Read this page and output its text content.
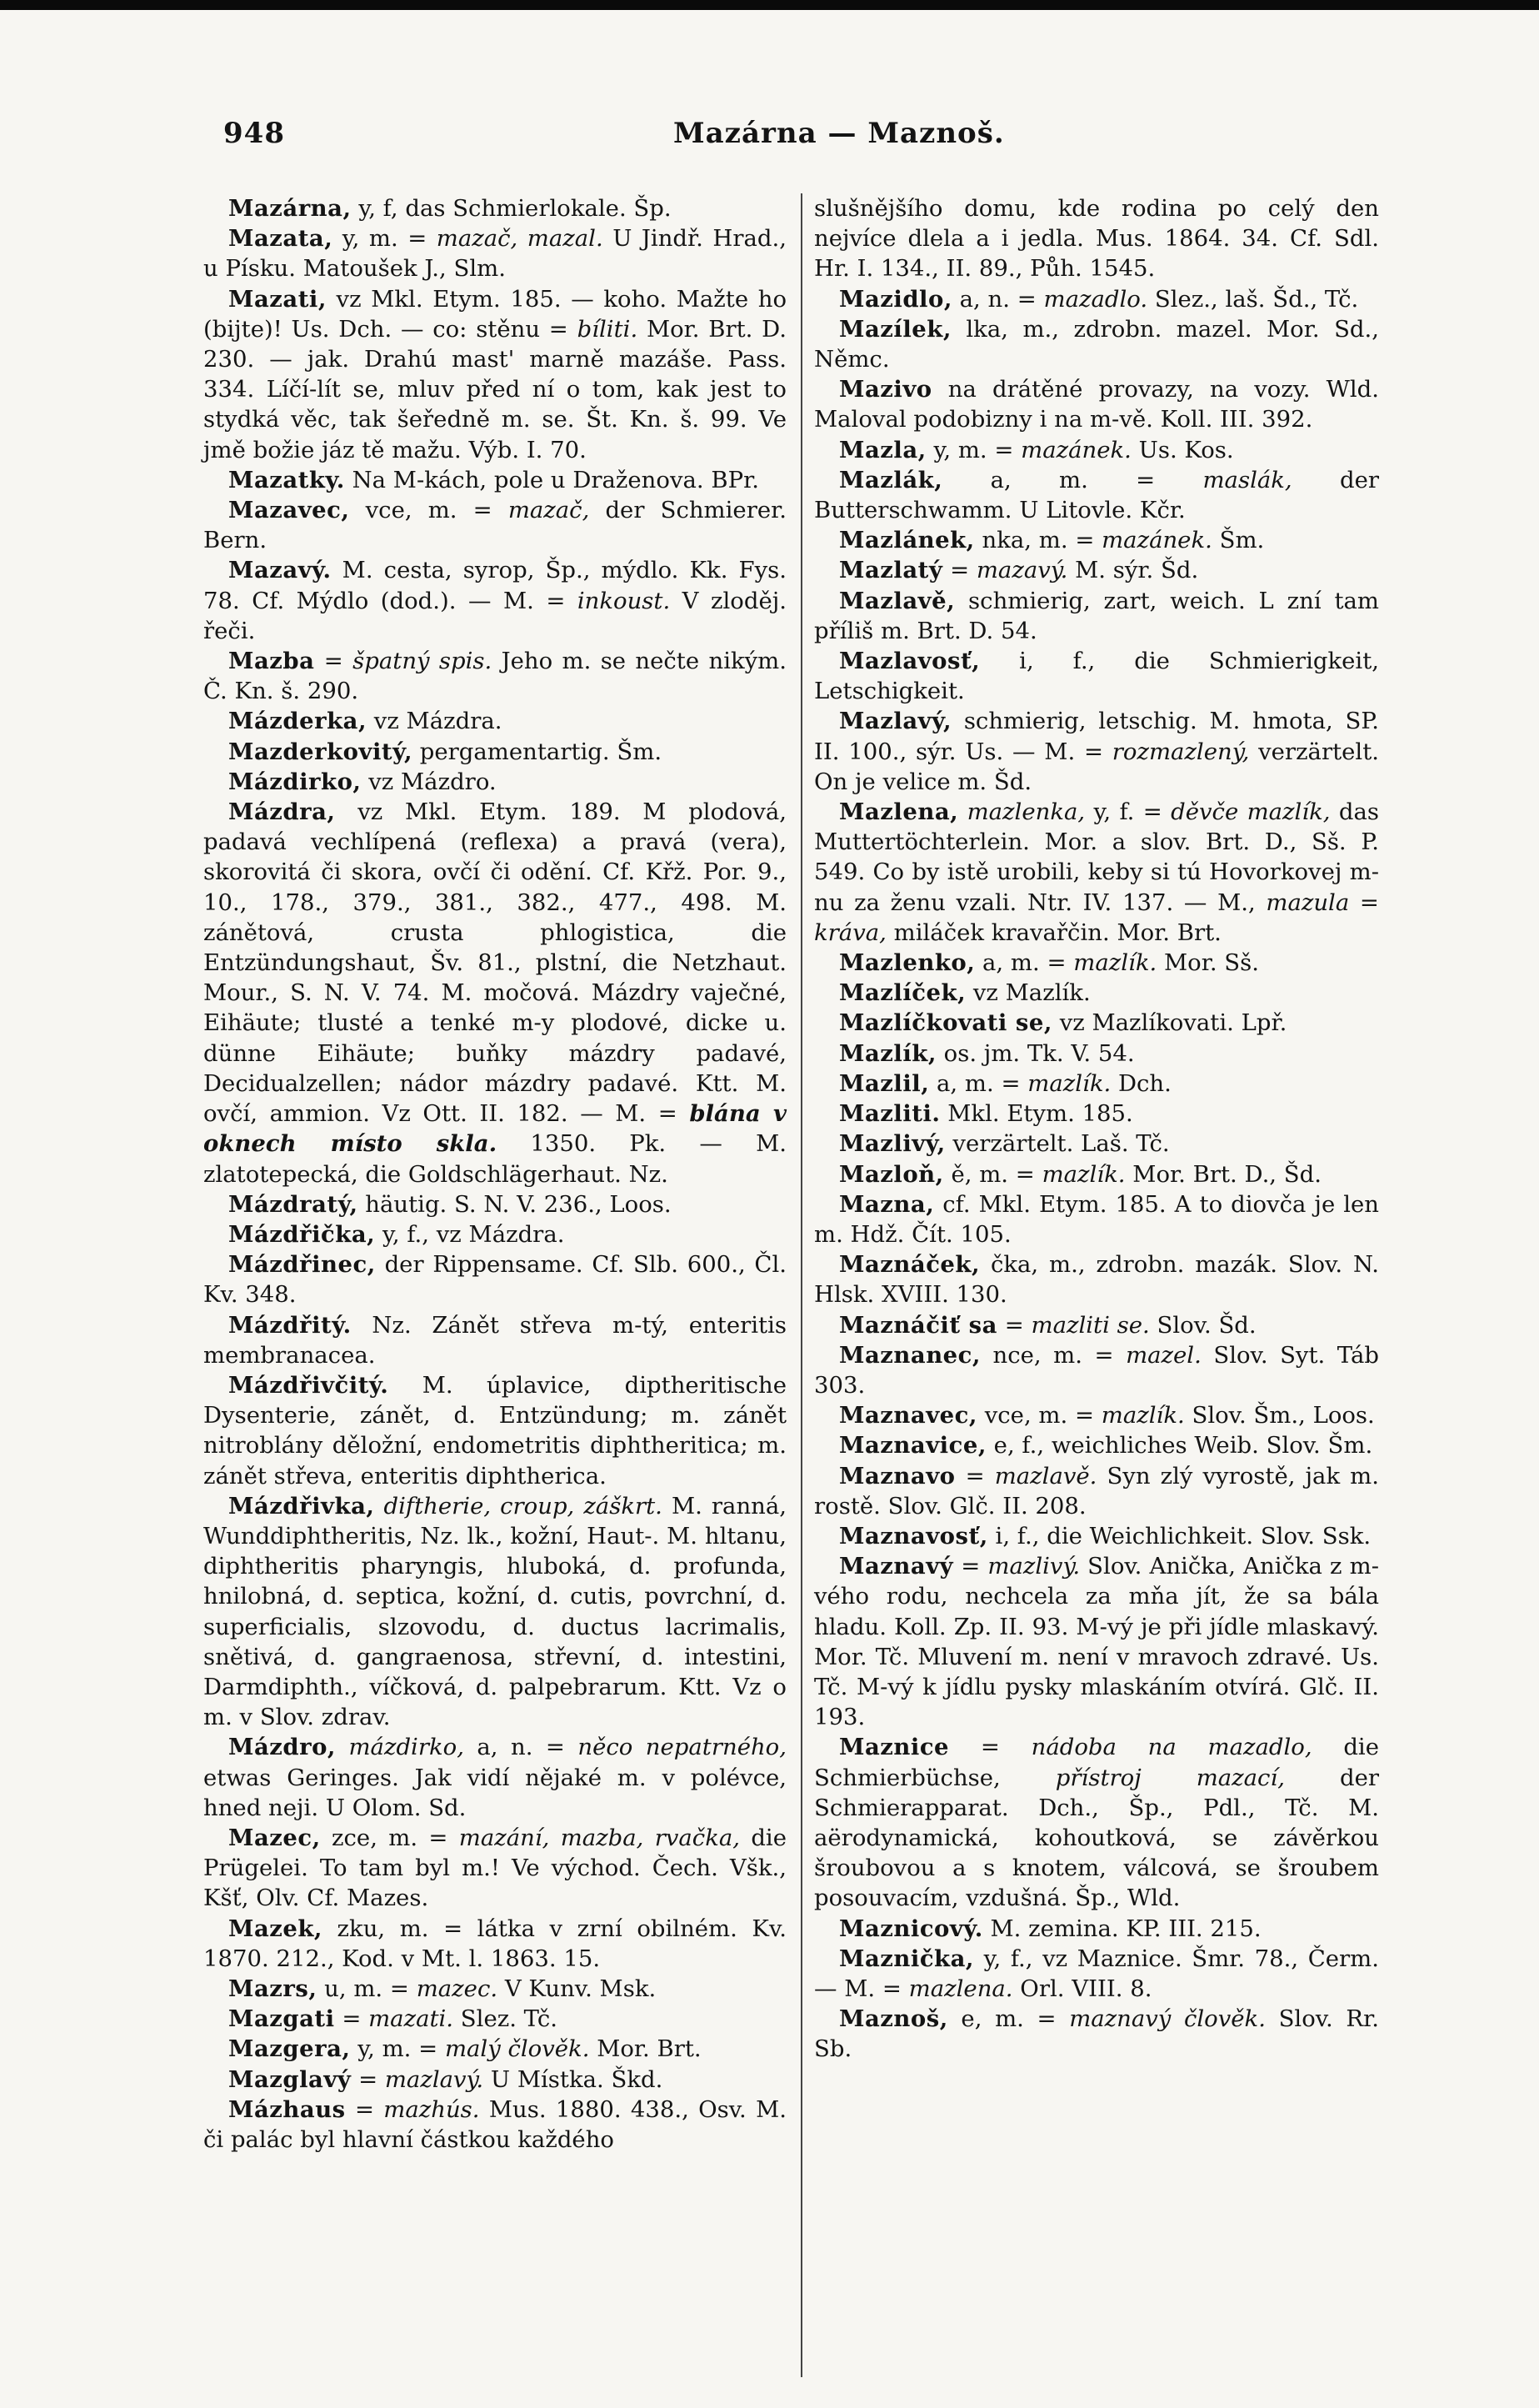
948	Mazárna — Maznoš.

Mazárna, y, f, das Schmierlokale. Šp.

Mazata, y, m. = mazač, mazal. U Jindř. Hrad., u Písku. Matoušek J., Slm.

Mazati, vz Mkl. Etym. 185. — koho. Mažte ho (bijte)! Us. Dch. — co: stěnu = bíliti. Mor. Brt. D. 230. — jak. Drahú mast' marně mazáše. Pass. 334. Líčí-lít se, mluv před ní o tom, kak jest to stydká věc, tak šeředně m. se. Št. Kn. š. 99. Ve jmě božie jáz tě mažu. Výb. I. 70.

Mazatky. Na M-kách, pole u Draženova. BPr.

Mazavec, vce, m. = mazač, der Schmierer. Bern.

Mazavý. M. cesta, syrop, Šp., mýdlo. Kk. Fys. 78. Cf. Mýdlo (dod.). — M. = inkoust. V zloděj. řeči.

Mazba = špatný spis. Jeho m. se nečte nikým. Č. Kn. š. 290.

Mázderka, vz Mázdra.

Mazderkovitý, pergamentartig. Šm.

Mázdirko, vz Mázdro.

Mázdra, vz Mkl. Etym. 189. M plodová, padavá vechlípená (reflexa) a pravá (vera), skorovitá či skora, ovčí či odění. Cf. Křž. Por. 9., 10., 178., 379., 381., 382., 477., 498. M. zánětová, crusta phlogistica, die Entzündungshaut, Šv. 81., plstní, die Netzhaut. Mour., S. N. V. 74. M. močová. Mázdry vaječné, Eihäute; tlusté a tenké m-y plodové, dicke u. dünne Eihäute; buňky mázdry padavé, Decidualzellen; nádor mázdry padavé. Ktt. M. ovčí, ammion. Vz Ott. II. 182. — M. = blána v oknech místo skla. 1350. Pk. — M. zlatotepecká, die Goldschlägerhaut. Nz.

Mázdratý, häutig. S. N. V. 236., Loos.

Mázdřička, y, f., vz Mázdra.

Mázdřinec, der Rippensame. Cf. Slb. 600., Čl. Kv. 348.

Mázdřitý. Nz. Zánět střeva m-tý, enteritis membranacea.

Mázdřivčitý. M. úplavice, diptheritische Dysenterie, zánět, d. Entzündung; m. zánět nitroblány děložní, endometritis diphtheritica; m. zánět střeva, enteritis diphtherica.

Mázdřivka, diftherie, croup, záškrt. M. ranná, Wunddiphtheritis, Nz. lk., kožní, Haut-. M. hltanu, diphtheritis pharyngis, hluboká, d. profunda, hnilobná, d. septica, kožní, d. cutis, povrchní, d. superficialis, slzovodu, d. ductus lacrimalis, snětivá, d. gangraenosa, střevní, d. intestini, Darmdiphth., víčková, d. palpebrarum. Ktt. Vz o m. v Slov. zdrav.

Mázdro, mázdirko, a, n. = něco nepatrného, etwas Geringes. Jak vidí nějaké m. v polévce, hned neji. U Olom. Sd.

Mazec, zce, m. = mazání, mazba, rvačka, die Prügelei. To tam byl m.! Ve východ. Čech. Všk., Kšť, Olv. Cf. Mazes.

Mazek, zku, m. = látka v zrní obilném. Kv. 1870. 212., Kod. v Mt. l. 1863. 15.

Mazrs, u, m. = mazec. V Kunv. Msk.

Mazgati = mazati. Slez. Tč.

Mazgera, y, m. = malý člověk. Mor. Brt.

Mazglavý = mazlavý. U Místka. Škd.

Mázhaus = mazhús. Mus. 1880. 438., Osv. M. či palác byl hlavní částkou každého

slušnějšího domu, kde rodina po celý den nejvíce dlela a i jedla. Mus. 1864. 34. Cf. Sdl. Hr. I. 134., II. 89., Půh. 1545.

Mazidlo, a, n. = mazadlo. Slez., laš. Šd., Tč.

Mazílek, lka, m., zdrobn. mazel. Mor. Sd., Němc.

Mazivo na drátěné provazy, na vozy. Wld. Maloval podobizny i na m-vě. Koll. III. 392.

Mazla, y, m. = mazánek. Us. Kos.

Mazlák, a, m. = maslák, der Butterschwamm. U Litovle. Kčr.

Mazlánek, nka, m. = mazánek. Šm.

Mazlatý = mazavý. M. sýr. Šd.

Mazlavě, schmierig, zart, weich. L zní tam příliš m. Brt. D. 54.

Mazlavosť, i, f., die Schmierigkeit, Letschigkeit.

Mazlavý, schmierig, letschig. M. hmota, SP. II. 100., sýr. Us. — M. = rozmazlený, verzärtelt. On je velice m. Šd.

Mazlena, mazlenka, y, f. = děvče mazlík, das Muttertöchterlein. Mor. a slov. Brt. D., Sš. P. 549. Co by istě urobili, keby si tú Hovorkovej m-nu za ženu vzali. Ntr. IV. 137. — M., mazula = kráva, miláček kravařčin. Mor. Brt.

Mazlenko, a, m. = mazlík. Mor. Sš.

Mazlíček, vz Mazlík.

Mazlíčkovati se, vz Mazlíkovati. Lpř.

Mazlík, os. jm. Tk. V. 54.

Mazlil, a, m. = mazlík. Dch.

Mazliti. Mkl. Etym. 185.

Mazlivý, verzärtelt. Laš. Tč.

Mazloň, ě, m. = mazlík. Mor. Brt. D., Šd.

Mazna, cf. Mkl. Etym. 185. A to diovča je len m. Hdž. Čít. 105.

Maznáček, čka, m., zdrobn. mazák. Slov. N. Hlsk. XVIII. 130.

Maznáčiť sa = mazliti se. Slov. Šd.

Maznanec, nce, m. = mazel. Slov. Syt. Táb 303.

Maznavec, vce, m. = mazlík. Slov. Šm., Loos.

Maznavice, e, f., weichliches Weib. Slov. Šm.

Maznavo = mazlavě. Syn zlý vyrostě, jak m. rostě. Slov. Glč. II. 208.

Maznavosť, i, f., die Weichlichkeit. Slov. Ssk.

Maznavý = mazlivý. Slov. Anička, Anička z m-vého rodu, nechcela za mňa jít, že sa bála hladu. Koll. Zp. II. 93. M-vý je při jídle mlaskavý. Mor. Tč. Mluvení m. není v mravoch zdravé. Us. Tč. M-vý k jídlu pysky mlaskáním otvírá. Glč. II. 193.

Maznice = nádoba na mazadlo, die Schmierbüchse, přístroj mazací, der Schmierapparat. Dch., Šp., Pdl., Tč. M. aërodynamická, kohoutková, se závěrkou šroubovou a s knotem, válcová, se šroubem posouvacím, vzdušná. Šp., Wld.

Maznicový. M. zemina. KP. III. 215.

Maznička, y, f., vz Maznice. Šmr. 78., Čerm. — M. = mazlena. Orl. VIII. 8.

Maznoš, e, m. = maznavý člověk. Slov. Rr. Sb.
